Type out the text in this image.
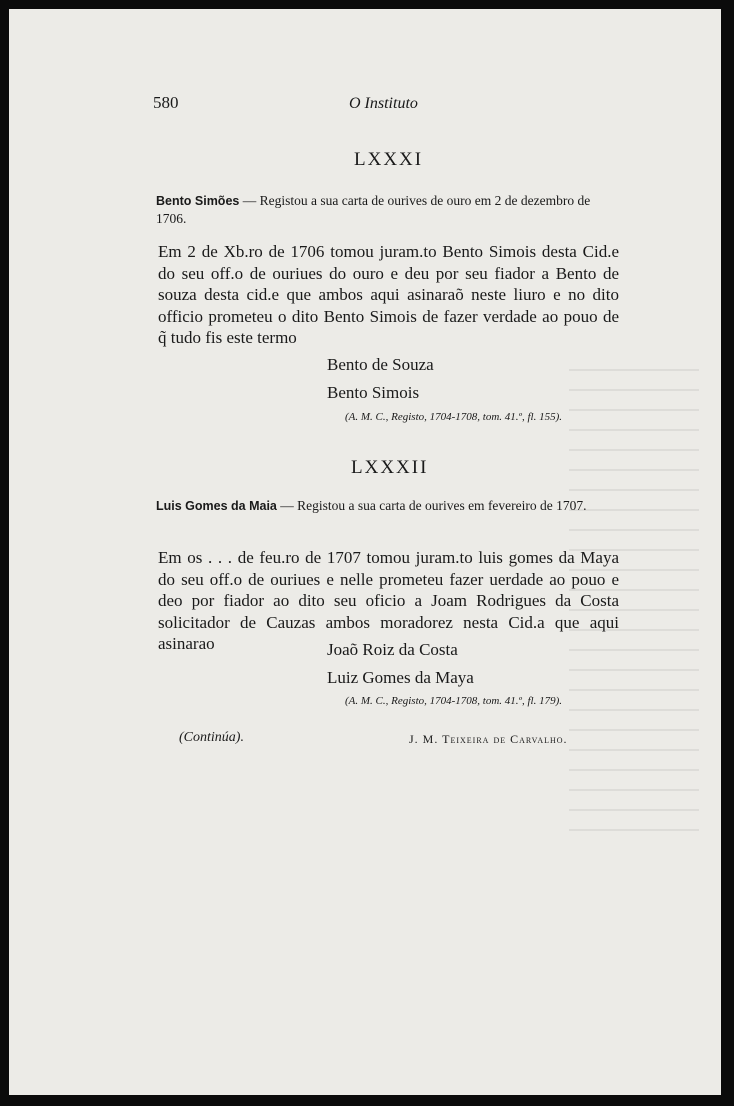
580	O Instituto
LXXXI
Bento Simões — Registou a sua carta de ourives de ouro em 2 de dezembro de 1706.
Em 2 de Xb.ro de 1706 tomou juram.to Bento Simois desta Cid.e do seu off.o de ouriues do ouro e deu por seu fiador a Bento de souza desta cid.e que ambos aqui asinaraõ neste liuro e no dito officio prometeu o dito Bento Simois de fazer verdade ao pouo de q̃ tudo fis este termo
Bento de Souza
Bento Simois
(A. M. C., Registo, 1704-1708, tom. 41.º, fl. 155).
LXXXII
Luis Gomes da Maia — Registou a sua carta de ourives em fevereiro de 1707.
Em os . . . de feu.ro de 1707 tomou juram.to luis gomes da Maya do seu off.o de ouriues e nelle prometeu fazer uerdade ao pouo e deo por fiador ao dito seu oficio a Joam Rodrigues da Costa solicitador de Cauzas ambos moradorez nesta Cid.a que aqui asinarao	Joaõ Roiz da Costa
Luiz Gomes da Maya
(A. M. C., Registo, 1704-1708, tom. 41.º, fl. 179).
(Continúa).	J. M. Teixeira de Carvalho.
